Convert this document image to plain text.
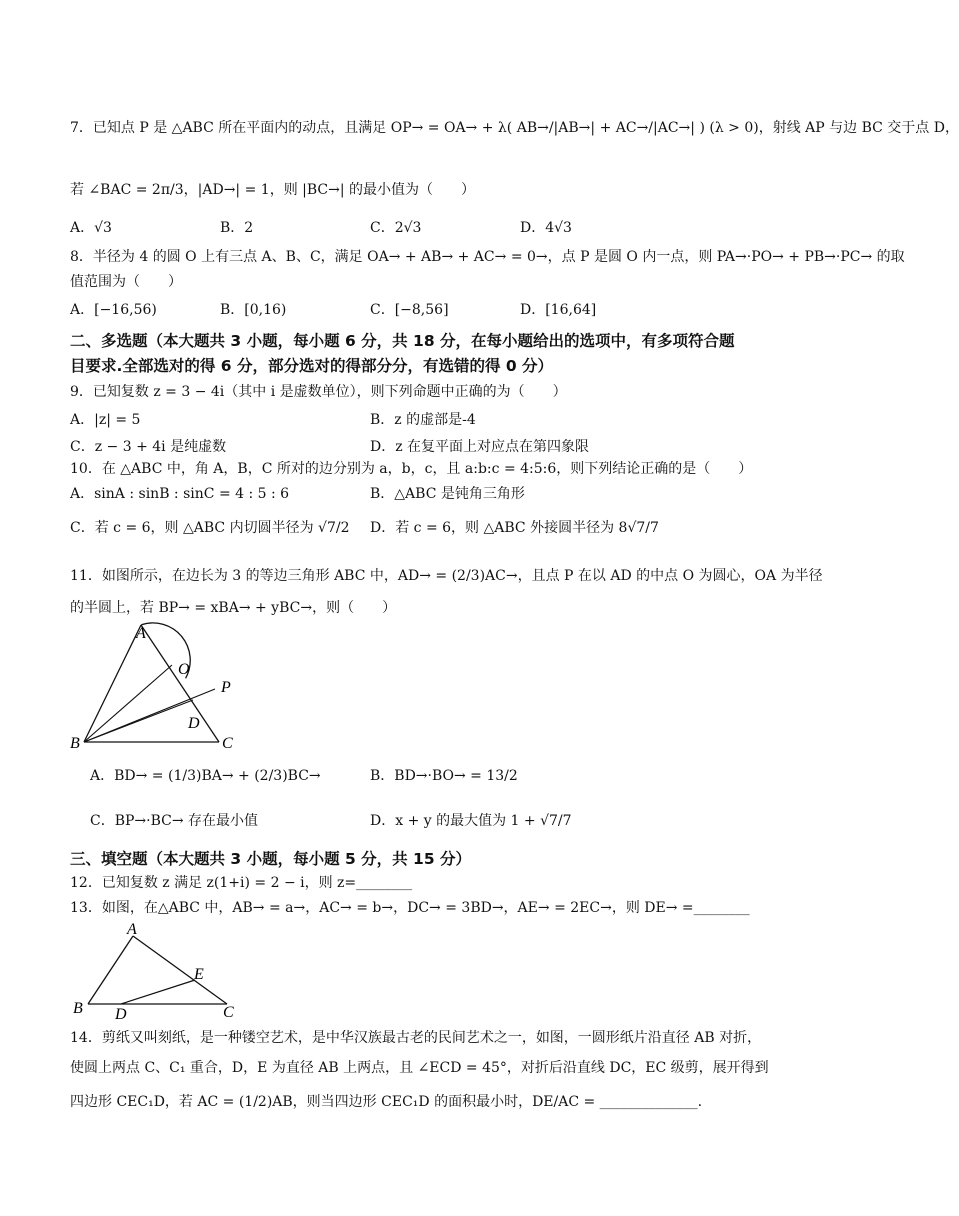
7．已知点 P 是 △ABC 所在平面内的动点，且满足 OP→ = OA→ + λ( AB→/|AB→| + AC→/|AC→| ) (λ > 0)，射线 AP 与边 BC 交于点 D，
若 ∠BAC = 2π/3，|AD→| = 1，则 |BC→| 的最小值为（　　）
A．√3	B．2	C．2√3	D．4√3
8．半径为 4 的圆 O 上有三点 A、B、C，满足 OA→ + AB→ + AC→ = 0→，点 P 是圆 O 内一点，则 PA→·PO→ + PB→·PC→ 的取
值范围为（　　）
A．[−16,56)	B．[0,16)	C．[−8,56]	D．[16,64]
二、多选题（本大题共 3 小题，每小题 6 分，共 18 分，在每小题给出的选项中，有多项符合题
目要求.全部选对的得 6 分，部分选对的得部分分，有选错的得 0 分）
9．已知复数 z = 3 − 4i（其中 i 是虚数单位），则下列命题中正确的为（　　）
A．|z| = 5	B．z 的虚部是-4
C．z − 3 + 4i 是纯虚数	D．z 在复平面上对应点在第四象限
10．在 △ABC 中，角 A，B，C 所对的边分别为 a，b，c，且 a:b:c = 4:5:6，则下列结论正确的是（　　）
A．sinA : sinB : sinC = 4 : 5 : 6	B．△ABC 是钝角三角形
C．若 c = 6，则 △ABC 内切圆半径为 √7/2 D．若 c = 6，则 △ABC 外接圆半径为 8√7/7
11．如图所示，在边长为 3 的等边三角形 ABC 中，AD→ = (2/3)AC→，且点 P 在以 AD 的中点 O 为圆心，OA 为半径
的半圆上，若 BP→ = xBA→ + yBC→，则（　　）
A
O
P
D
B	C
A．BD→ = (1/3)BA→ + (2/3)BC→	B．BD→·BO→ = 13/2
C．BP→·BC→ 存在最小值	D．x + y 的最大值为 1 + √7/7
三、填空题（本大题共 3 小题，每小题 5 分，共 15 分）
12．已知复数 z 满足 z(1+i) = 2 − i，则 z=________
13．如图，在△ABC 中，AB→ = a→，AC→ = b→，DC→ = 3BD→，AE→ = 2EC→，则 DE→ =________
A
B	C
D
E
14．剪纸又叫刻纸，是一种镂空艺术，是中华汉族最古老的民间艺术之一，如图，一圆形纸片沿直径 AB 对折，
使圆上两点 C、C₁ 重合，D，E 为直径 AB 上两点，且 ∠ECD = 45°，对折后沿直线 DC，EC 级剪，展开得到
四边形 CEC₁D，若 AC = (1/2)AB，则当四边形 CEC₁D 的面积最小时，DE/AC = ______________.
